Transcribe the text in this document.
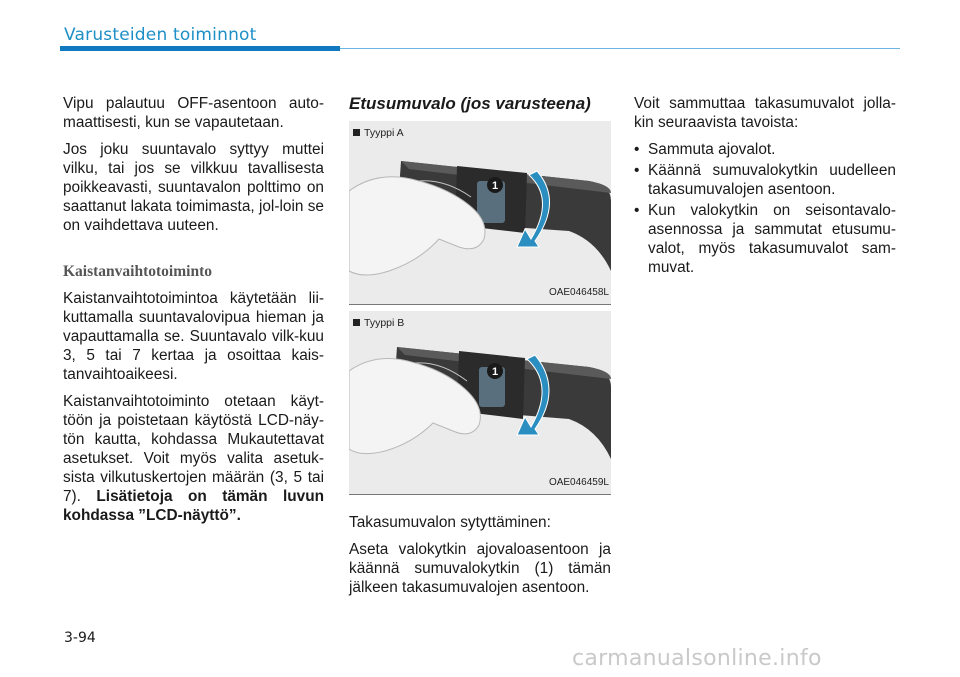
Varusteiden toiminnot

Vipu palautuu OFF-asentoon auto-maattisesti, kun se vapautetaan.

Jos joku suuntavalo syttyy muttei vilku, tai jos se vilkkuu tavallisesta poikkeavasti, suuntavalon polttimo on saattanut lakata toimimasta, jol-loin se on vaihdettava uuteen.

Kaistanvaihtotoiminto

Kaistanvaihtotoimintoa käytetään lii-kuttamalla suuntavalovipua hieman ja vapauttamalla se. Suuntavalo vilk-kuu 3, 5 tai 7 kertaa ja osoittaa kais-tanvaihtoaikeesi.

Kaistanvaihtotoiminto otetaan käyt-töön ja poistetaan käytöstä LCD-näy-tön kautta, kohdassa Mukautettavat asetukset. Voit myös valita asetuk-sista vilkutuskertojen määrän (3, 5 tai 7). Lisätietoja on tämän luvun kohdassa ”LCD-näyttö”.

Etusumuvalo (jos varusteena)
1
Tyyppi A
OAE046458L
1
Tyyppi B
OAE046459L

Takasumuvalon sytyttäminen:

Aseta valokytkin ajovaloasentoon ja käännä sumuvalokytkin (1) tämän jälkeen takasumuvalojen asentoon.

Voit sammuttaa takasumuvalot jolla-kin seuraavista tavoista:

• Sammuta ajovalot.
• Käännä sumuvalokytkin uudelleen takasumuvalojen asentoon.
• Kun valokytkin on seisontavalo-asennossa ja sammutat etusumu-valot, myös takasumuvalot sam-muvat.
3-94
carmanualsonline.info
